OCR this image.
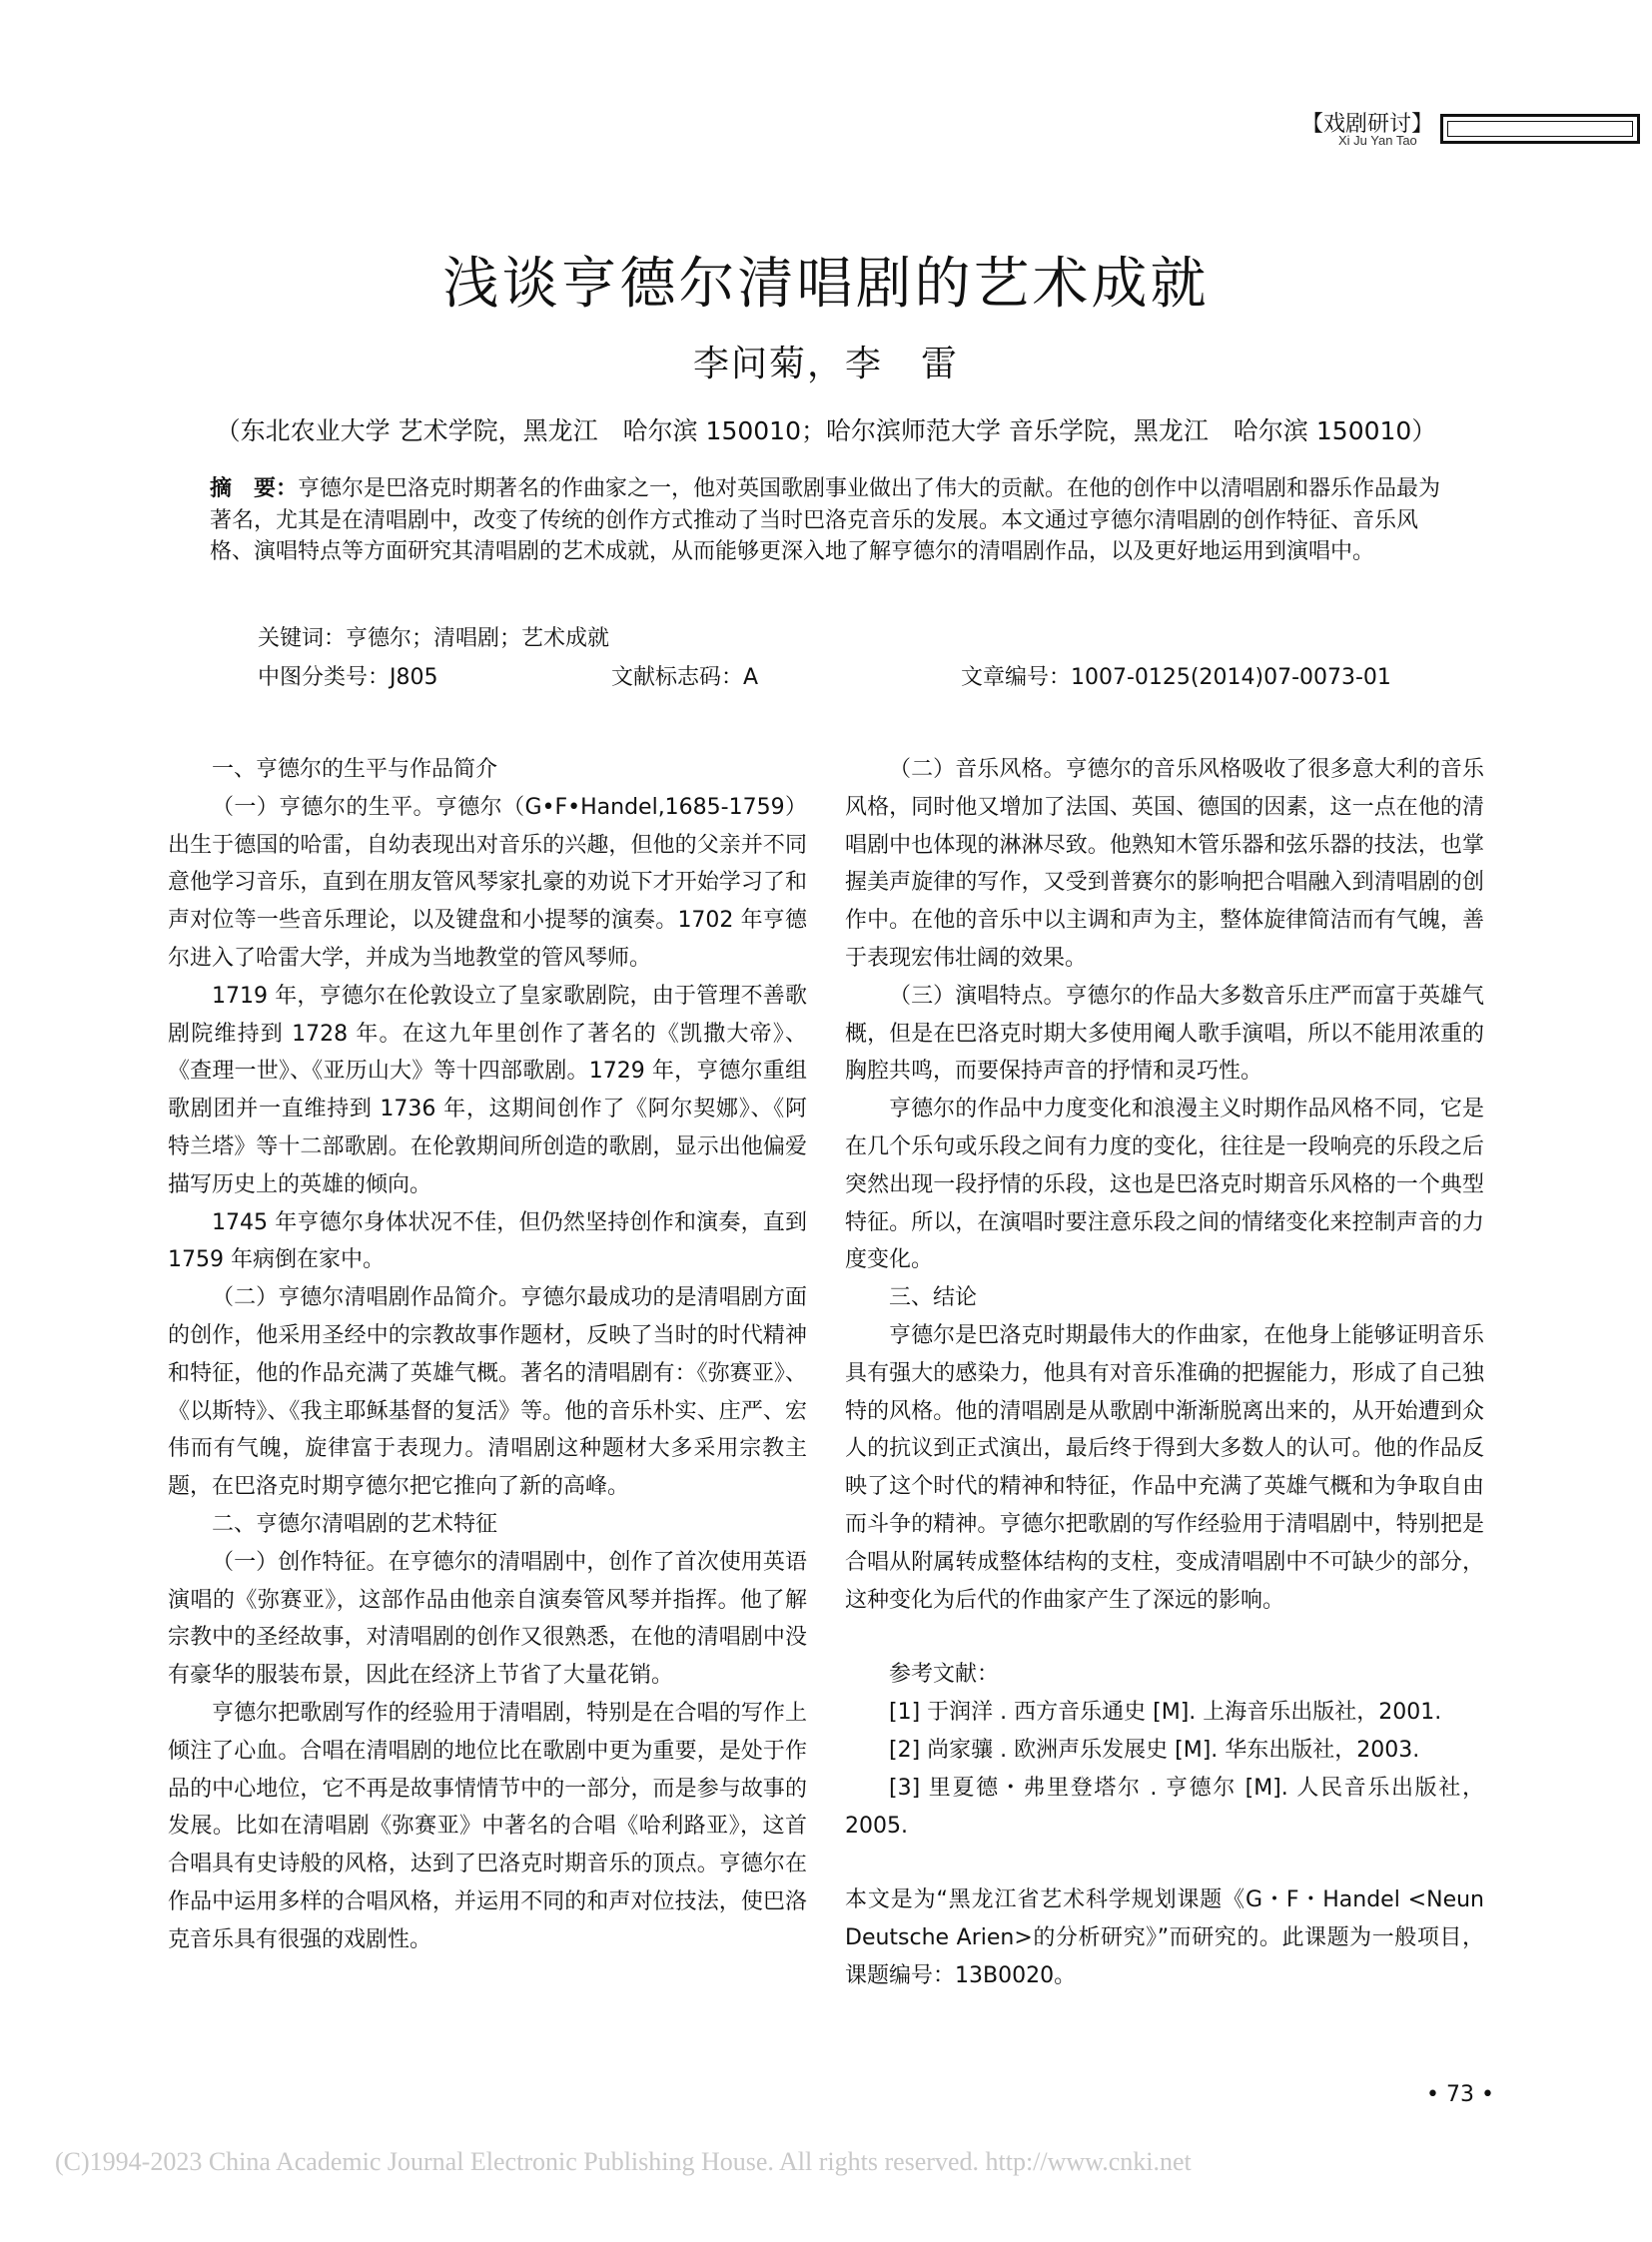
【戏剧研讨】
Xi Ju Yan Tao
浅谈亨德尔清唱剧的艺术成就
李问菊，李　雷
（东北农业大学 艺术学院，黑龙江　哈尔滨 150010；哈尔滨师范大学 音乐学院，黑龙江　哈尔滨 150010）
摘　要：亨德尔是巴洛克时期著名的作曲家之一，他对英国歌剧事业做出了伟大的贡献。在他的创作中以清唱剧和器乐作品最为著名，尤其是在清唱剧中，改变了传统的创作方式推动了当时巴洛克音乐的发展。本文通过亨德尔清唱剧的创作特征、音乐风格、演唱特点等方面研究其清唱剧的艺术成就，从而能够更深入地了解亨德尔的清唱剧作品，以及更好地运用到演唱中。
关键词：亨德尔；清唱剧；艺术成就
中图分类号：J805	文献标志码：A	文章编号：1007-0125(2014)07-0073-01

一、亨德尔的生平与作品简介

（一）亨德尔的生平。亨德尔（G•F•Handel,1685-1759）出生于德国的哈雷，自幼表现出对音乐的兴趣，但他的父亲并不同意他学习音乐，直到在朋友管风琴家扎豪的劝说下才开始学习了和声对位等一些音乐理论，以及键盘和小提琴的演奏。1702 年亨德尔进入了哈雷大学，并成为当地教堂的管风琴师。

1719 年，亨德尔在伦敦设立了皇家歌剧院，由于管理不善歌剧院维持到 1728 年。在这九年里创作了著名的《凯撒大帝》、《查理一世》、《亚历山大》等十四部歌剧。1729 年，亨德尔重组歌剧团并一直维持到 1736 年，这期间创作了《阿尔契娜》、《阿特兰塔》等十二部歌剧。在伦敦期间所创造的歌剧，显示出他偏爱描写历史上的英雄的倾向。

1745 年亨德尔身体状况不佳，但仍然坚持创作和演奏，直到 1759 年病倒在家中。

（二）亨德尔清唱剧作品简介。亨德尔最成功的是清唱剧方面的创作，他采用圣经中的宗教故事作题材，反映了当时的时代精神和特征，他的作品充满了英雄气概。著名的清唱剧有：《弥赛亚》、《以斯特》、《我主耶稣基督的复活》等。他的音乐朴实、庄严、宏伟而有气魄，旋律富于表现力。清唱剧这种题材大多采用宗教主题，在巴洛克时期亨德尔把它推向了新的高峰。

二、亨德尔清唱剧的艺术特征

（一）创作特征。在亨德尔的清唱剧中，创作了首次使用英语演唱的《弥赛亚》，这部作品由他亲自演奏管风琴并指挥。他了解宗教中的圣经故事，对清唱剧的创作又很熟悉，在他的清唱剧中没有豪华的服装布景，因此在经济上节省了大量花销。

亨德尔把歌剧写作的经验用于清唱剧，特别是在合唱的写作上倾注了心血。合唱在清唱剧的地位比在歌剧中更为重要，是处于作品的中心地位，它不再是故事情情节中的一部分，而是参与故事的发展。比如在清唱剧《弥赛亚》中著名的合唱《哈利路亚》，这首合唱具有史诗般的风格，达到了巴洛克时期音乐的顶点。亨德尔在作品中运用多样的合唱风格，并运用不同的和声对位技法，使巴洛克音乐具有很强的戏剧性。

（二）音乐风格。亨德尔的音乐风格吸收了很多意大利的音乐风格，同时他又增加了法国、英国、德国的因素，这一点在他的清唱剧中也体现的淋淋尽致。他熟知木管乐器和弦乐器的技法，也掌握美声旋律的写作，又受到普赛尔的影响把合唱融入到清唱剧的创作中。在他的音乐中以主调和声为主，整体旋律简洁而有气魄，善于表现宏伟壮阔的效果。

（三）演唱特点。亨德尔的作品大多数音乐庄严而富于英雄气概，但是在巴洛克时期大多使用阉人歌手演唱，所以不能用浓重的胸腔共鸣，而要保持声音的抒情和灵巧性。

亨德尔的作品中力度变化和浪漫主义时期作品风格不同，它是在几个乐句或乐段之间有力度的变化，往往是一段响亮的乐段之后突然出现一段抒情的乐段，这也是巴洛克时期音乐风格的一个典型特征。所以，在演唱时要注意乐段之间的情绪变化来控制声音的力度变化。

三、结论

亨德尔是巴洛克时期最伟大的作曲家，在他身上能够证明音乐具有强大的感染力，他具有对音乐准确的把握能力，形成了自己独特的风格。他的清唱剧是从歌剧中渐渐脱离出来的，从开始遭到众人的抗议到正式演出，最后终于得到大多数人的认可。他的作品反映了这个时代的精神和特征，作品中充满了英雄气概和为争取自由而斗争的精神。亨德尔把歌剧的写作经验用于清唱剧中，特别把是合唱从附属转成整体结构的支柱，变成清唱剧中不可缺少的部分，这种变化为后代的作曲家产生了深远的影响。

参考文献：
[1] 于润洋 . 西方音乐通史 [M]. 上海音乐出版社，2001.
[2] 尚家骧 . 欧洲声乐发展史 [M]. 华东出版社，2003.
[3] 里夏德・弗里登塔尔 . 亨德尔 [M]. 人民音乐出版社，2005.
本文是为“黑龙江省艺术科学规划课题《G・F・Handel <Neun Deutsche Arien>的分析研究》”而研究的。此课题为一般项目，课题编号：13B0020。
• 73 •
(C)1994-2023 China Academic Journal Electronic Publishing House. All rights reserved. http://www.cnki.net
